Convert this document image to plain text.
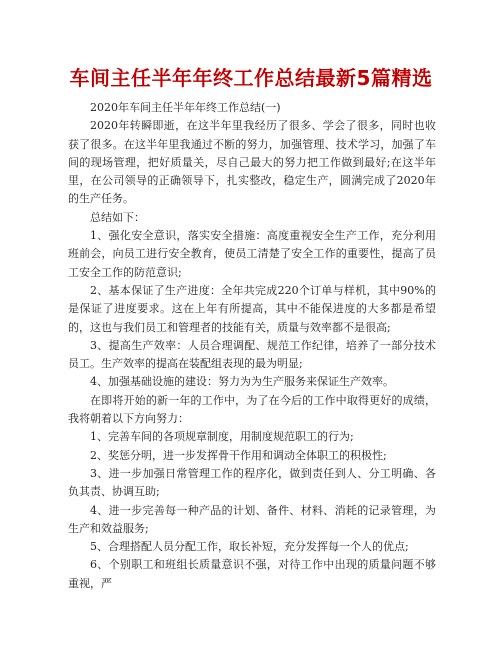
车间主任半年年终工作总结最新5篇精选

2020年车间主任半年年终工作总结(一)

2020年转瞬即逝，在这半年里我经历了很多、学会了很多，同时也收获了很多。在这半年里我通过不断的努力，加强管理、技术学习，加强了车间的现场管理，把好质量关，尽自己最大的努力把工作做到最好;在这半年里，在公司领导的正确领导下，扎实整改，稳定生产，圆满完成了2020年的生产任务。

总结如下：

1、强化安全意识，落实安全措施：高度重视安全生产工作，充分利用班前会，向员工进行安全教育，使员工清楚了安全工作的重要性，提高了员工安全工作的防范意识;

2、基本保证了生产进度：全年共完成220个订单与样机，其中90%的是保证了进度要求。这在上年有所提高，其中不能保进度的大多都是希望的，这也与我们员工和管理者的技能有关，质量与效率都不是很高;

3、提高生产效率：人员合理调配、规范工作纪律，培养了一部分技术员工。生产效率的提高在装配组表现的最为明显;

4、加强基础设施的建设：努力为为生产服务来保证生产效率。

在即将开始的新一年的工作中，为了在今后的工作中取得更好的成绩，我将朝着以下方向努力：

1、完善车间的各项规章制度，用制度规范职工的行为;

2、奖惩分明，进一步发挥骨干作用和调动全体职工的积极性;

3、进一步加强日常管理工作的程序化，做到责任到人、分工明确、各负其责、协调互助;

4、进一步完善每一种产品的计划、备件、材料、消耗的记录管理，为生产和效益服务;

5、合理搭配人员分配工作，取长补短，充分发挥每一个人的优点;

6、个别职工和班组长质量意识不强，对待工作中出现的质量问题不够重视，严
